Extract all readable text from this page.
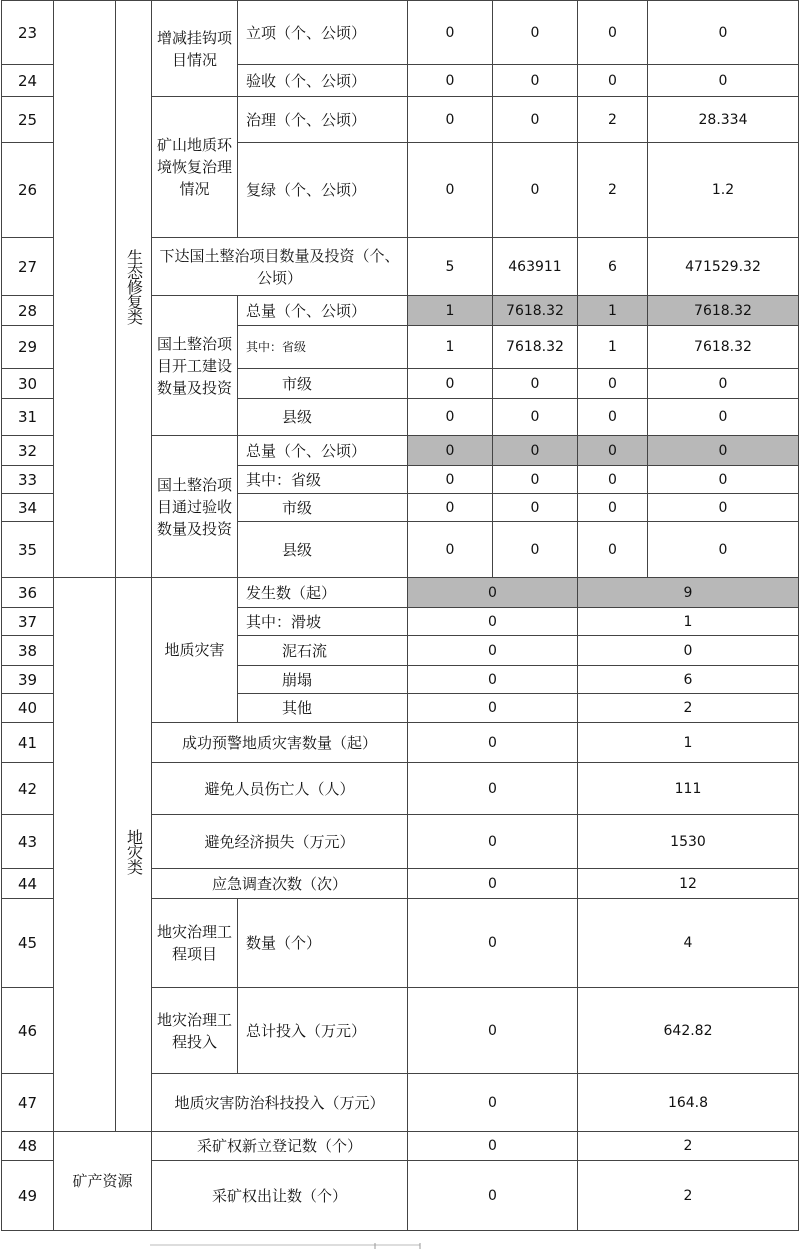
23		生态修复类	增减挂钩项目情况	立项（个、公顷）	0	0	0	0
24				验收（个、公顷）	0	0	0	0
25			矿山地质环境恢复治理情况	治理（个、公顷）	0	0	2	28.334
26				复绿（个、公顷）	0	0	2	1.2
27			下达国土整治项目数量及投资（个、公顷）		5	463911	6	471529.32
28			国土整治项目开工建设数量及投资	总量（个、公顷）	1	7618.32	1	7618.32
29				其中：省级	1	7618.32	1	7618.32
30				市级	0	0	0	0
31				县级	0	0	0	0
32			国土整治项目通过验收数量及投资	总量（个、公顷）	0	0	0	0
33				其中：省级	0	0	0	0
34				市级	0	0	0	0
35				县级	0	0	0	0
36		地灾类	地质灾害	发生数（起）	0		9	
37				其中：滑坡	0		1	
38				泥石流	0		0	
39				崩塌	0		6	
40				其他	0		2	
41			成功预警地质灾害数量（起）		0		1	
42			避免人员伤亡人（人）		0		111	
43			避免经济损失（万元）		0		1530	
44			应急调查次数（次）		0		12	
45			地灾治理工程项目	数量（个）	0		4	
46			地灾治理工程投入	总计投入（万元）	0		642.82	
47			地质灾害防治科技投入（万元）		0		164.8	
48	矿产资源		采矿权新立登记数（个）		0		2	
49			采矿权出让数（个）		0		2	
